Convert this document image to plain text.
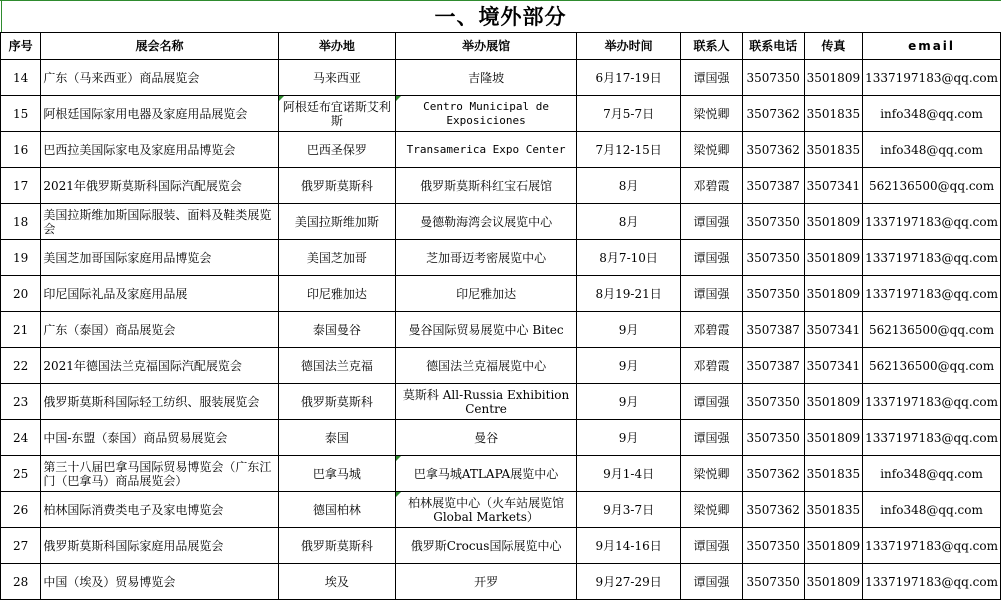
一、境外部分
序号	展会名称	举办地	举办展馆	举办时间	联系人	联系电话	传真	email
14	广东（马来西亚）商品展览会	马来西亚	吉隆坡	6月17-19日	谭国强	3507350	3501809	1337197183@qq.com
15	阿根廷国际家用电器及家庭用品展览会	阿根廷布宜诺斯艾利斯	Centro Municipal de Exposiciones	7月5-7日	梁悦卿	3507362	3501835	info348@qq.com
16	巴西拉美国际家电及家庭用品博览会	巴西圣保罗	Transamerica Expo Center	7月12-15日	梁悦卿	3507362	3501835	info348@qq.com
17	2021年俄罗斯莫斯科国际汽配展览会	俄罗斯莫斯科	俄罗斯莫斯科红宝石展馆	8月	邓碧霞	3507387	3507341	562136500@qq.com
18	美国拉斯维加斯国际服装、面料及鞋类展览会	美国拉斯维加斯	曼德勒海湾会议展览中心	8月	谭国强	3507350	3501809	1337197183@qq.com
19	美国芝加哥国际家庭用品博览会	美国芝加哥	芝加哥迈考密展览中心	8月7-10日	谭国强	3507350	3501809	1337197183@qq.com
20	印尼国际礼品及家庭用品展	印尼雅加达	印尼雅加达	8月19-21日	谭国强	3507350	3501809	1337197183@qq.com
21	广东（泰国）商品展览会	泰国曼谷	曼谷国际贸易展览中心 Bitec	9月	邓碧霞	3507387	3507341	562136500@qq.com
22	2021年德国法兰克福国际汽配展览会	德国法兰克福	德国法兰克福展览中心	9月	邓碧霞	3507387	3507341	562136500@qq.com
23	俄罗斯莫斯科国际轻工纺织、服装展览会	俄罗斯莫斯科	莫斯科 All-Russia Exhibition Centre	9月	谭国强	3507350	3501809	1337197183@qq.com
24	中国-东盟（泰国）商品贸易展览会	泰国	曼谷	9月	谭国强	3507350	3501809	1337197183@qq.com
25	第三十八届巴拿马国际贸易博览会（广东江门（巴拿马）商品展览会）	巴拿马城	巴拿马城ATLAPA展览中心	9月1-4日	梁悦卿	3507362	3501835	info348@qq.com
26	柏林国际消费类电子及家电博览会	德国柏林	柏林展览中心（火车站展览馆 Global Markets）	9月3-7日	梁悦卿	3507362	3501835	info348@qq.com
27	俄罗斯莫斯科国际家庭用品展览会	俄罗斯莫斯科	俄罗斯Crocus国际展览中心	9月14-16日	谭国强	3507350	3501809	1337197183@qq.com
28	中国（埃及）贸易博览会	埃及	开罗	9月27-29日	谭国强	3507350	3501809	1337197183@qq.com
